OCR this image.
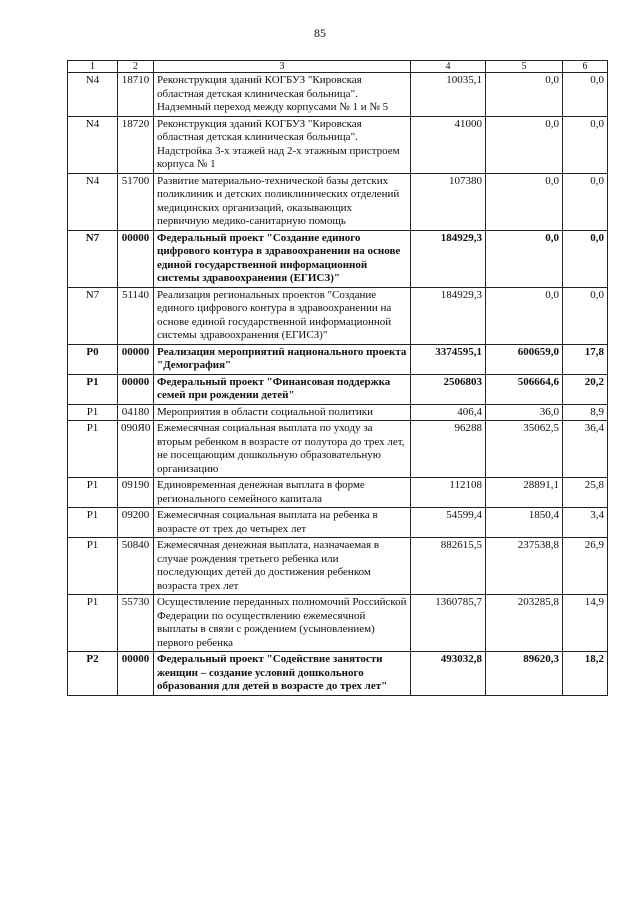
85
1	2	3	4	5	6
N4	18710	Реконструкция зданий КОГБУЗ "Кировская областная детская клиническая больница". Надземный переход между корпусами № 1 и № 5	10035,1	0,0	0,0
N4	18720	Реконструкция зданий КОГБУЗ "Кировская областная детская клиническая больница". Надстройка 3-х этажей над 2-х этажным пристроем корпуса № 1	41000	0,0	0,0
N4	51700	Развитие материально-технической базы детских поликлиник и детских поликлинических отделений медицинских организаций, оказывающих первичную медико-санитарную помощь	107380	0,0	0,0
N7	00000	Федеральный проект "Создание единого цифрового контура в здравоохранении на основе единой государственной информационной системы здравоохранения (ЕГИСЗ)"	184929,3	0,0	0,0
N7	51140	Реализация региональных проектов "Создание единого цифрового контура в здравоохранении на основе единой государственной информационной системы здравоохранения (ЕГИСЗ)"	184929,3	0,0	0,0
P0	00000	Реализация мероприятий национального проекта "Демография"	3374595,1	600659,0	17,8
P1	00000	Федеральный проект "Финансовая поддержка семей при рождении детей"	2506803	506664,6	20,2
P1	04180	Мероприятия в области социальной политики	406,4	36,0	8,9
P1	090Я0	Ежемесячная социальная выплата по уходу за вторым ребенком в возрасте от полутора до трех лет, не посещающим дошкольную образовательную организацию	96288	35062,5	36,4
P1	09190	Единовременная денежная выплата в форме регионального семейного капитала	112108	28891,1	25,8
P1	09200	Ежемесячная социальная выплата на ребенка в возрасте от трех до четырех лет	54599,4	1850,4	3,4
P1	50840	Ежемесячная денежная выплата, назначаемая в случае рождения третьего ребенка или последующих детей до достижения ребенком возраста трех лет	882615,5	237538,8	26,9
P1	55730	Осуществление переданных полномочий Российской Федерации по осуществлению ежемесячной выплаты в связи с рождением (усыновлением) первого ребенка	1360785,7	203285,8	14,9
P2	00000	Федеральный проект "Содействие занятости женщин – создание условий дошкольного образования для детей в возрасте до трех лет"	493032,8	89620,3	18,2
